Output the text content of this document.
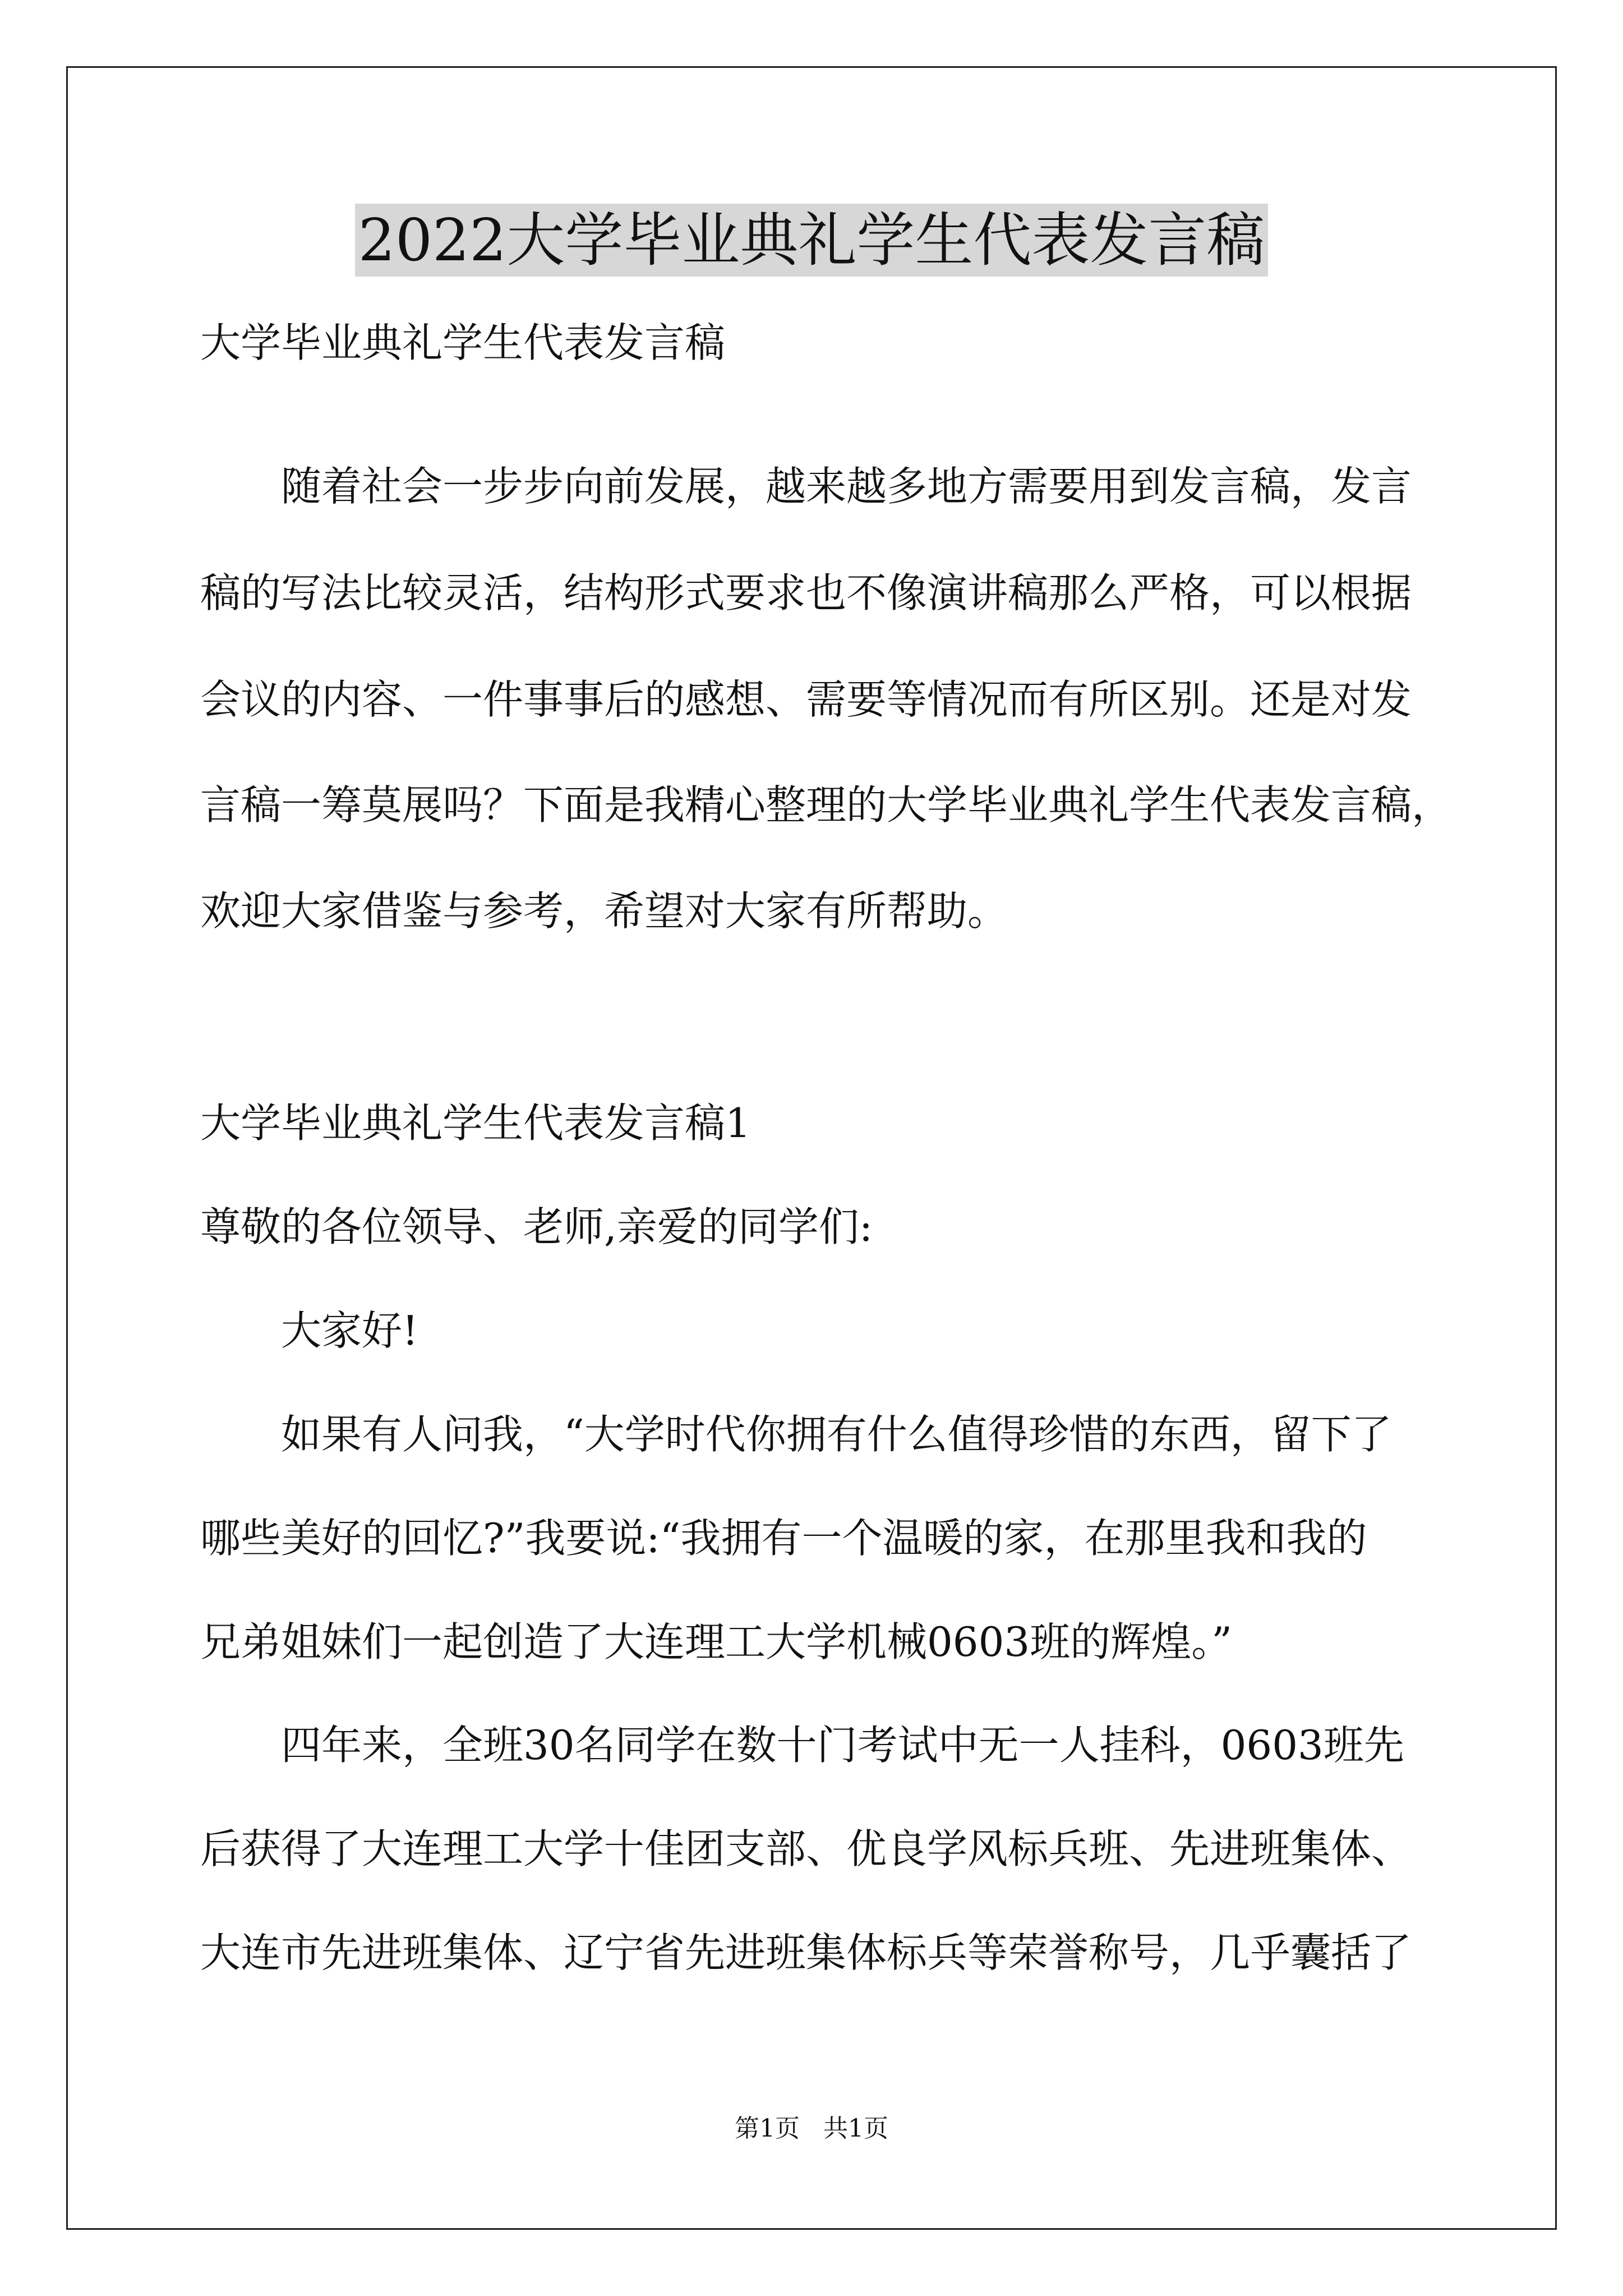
2022大学毕业典礼学生代表发言稿

大学毕业典礼学生代表发言稿

随着社会一步步向前发展，越来越多地方需要用到发言稿，发言

稿的写法比较灵活，结构形式要求也不像演讲稿那么严格，可以根据

会议的内容、一件事事后的感想、需要等情况而有所区别。还是对发

言稿一筹莫展吗？下面是我精心整理的大学毕业典礼学生代表发言稿，

欢迎大家借鉴与参考，希望对大家有所帮助。

大学毕业典礼学生代表发言稿1

尊敬的各位领导、老师,亲爱的同学们:

大家好!

如果有人问我，“大学时代你拥有什么值得珍惜的东西，留下了

哪些美好的回忆?”我要说:“我拥有一个温暖的家，在那里我和我的

兄弟姐妹们一起创造了大连理工大学机械0603班的辉煌。”

四年来，全班30名同学在数十门考试中无一人挂科，0603班先

后获得了大连理工大学十佳团支部、优良学风标兵班、先进班集体、

大连市先进班集体、辽宁省先进班集体标兵等荣誉称号，几乎囊括了

第1页   共1页
